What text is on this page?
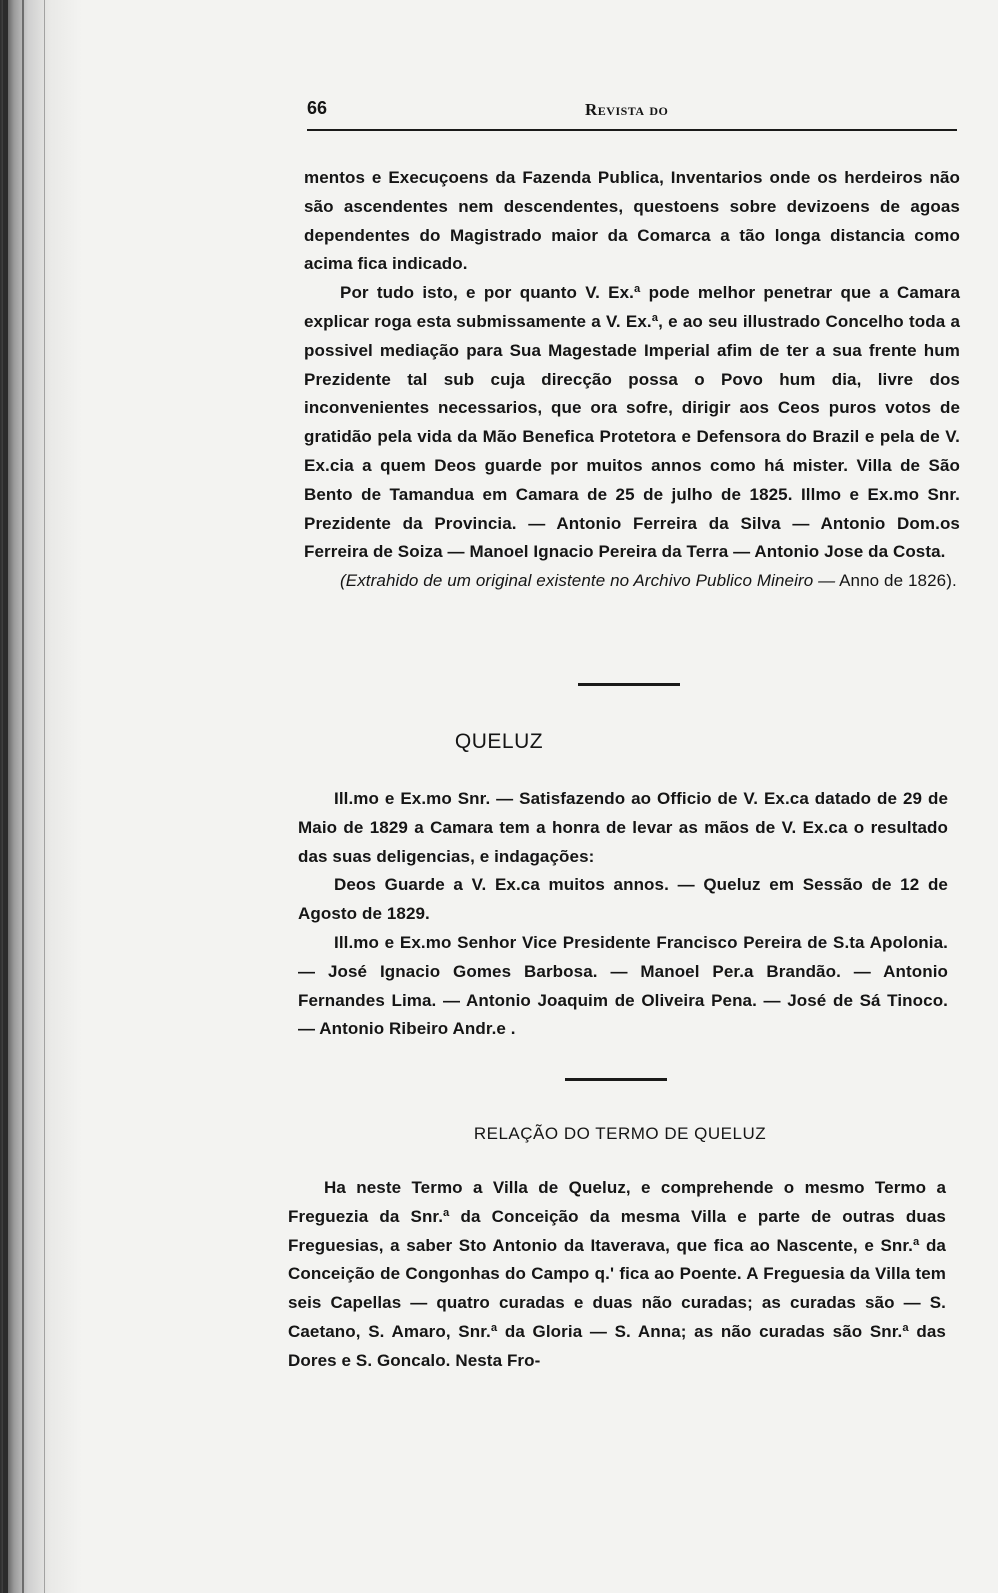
66	Revista do

mentos e Execuçoens da Fazenda Publica, Inventarios onde os herdeiros não são ascendentes nem descendentes, questoens sobre devizoens de agoas dependentes do Magistrado maior da Comarca a tão longa distancia como acima fica indicado.

Por tudo isto, e por quanto V. Ex.ª pode melhor penetrar que a Camara explicar roga esta submissamente a V. Ex.ª, e ao seu illustrado Concelho toda a possivel mediação para Sua Magestade Imperial afim de ter a sua frente hum Prezidente tal sub cuja direcção possa o Povo hum dia, livre dos inconvenientes necessarios, que ora sofre, dirigir aos Ceos puros votos de gratidão pela vida da Mão Benefica Protetora e Defensora do Brazil e pela de V. Ex.cia a quem Deos guarde por muitos annos como há mister. Villa de São Bento de Tamandua em Camara de 25 de julho de 1825. Illmo e Ex.mo Snr. Prezidente da Provincia. — Antonio Ferreira da Silva — Antonio Dom.os Ferreira de Soiza — Manoel Ignacio Pereira da Terra — Antonio Jose da Costa.

(Extrahido de um original existente no Archivo Publico Mineiro — Anno de 1826).

QUELUZ

Ill.mo e Ex.mo Snr. — Satisfazendo ao Officio de V. Ex.ca datado de 29 de Maio de 1829 a Camara tem a honra de levar as mãos de V. Ex.ca o resultado das suas deligencias, e indagações:

Deos Guarde a V. Ex.ca muitos annos. — Queluz em Sessão de 12 de Agosto de 1829.

Ill.mo e Ex.mo Senhor Vice Presidente Francisco Pereira de S.ta Apolonia. — José Ignacio Gomes Barbosa. — Manoel Per.a Brandão. — Antonio Fernandes Lima. — Antonio Joaquim de Oliveira Pena. — José de Sá Tinoco. — Antonio Ribeiro Andr.e .

RELAÇÃO DO TERMO DE QUELUZ

Ha neste Termo a Villa de Queluz, e comprehende o mesmo Termo a Freguezia da Snr.ª da Conceição da mesma Villa e parte de outras duas Freguesias, a saber Sto Antonio da Itaverava, que fica ao Nascente, e Snr.ª da Conceição de Congonhas do Campo q.' fica ao Poente. A Freguesia da Villa tem seis Capellas — quatro curadas e duas não curadas; as curadas são — S. Caetano, S. Amaro, Snr.ª da Gloria — S. Anna; as não curadas são Snr.ª das Dores e S. Goncalo. Nesta Fro-
